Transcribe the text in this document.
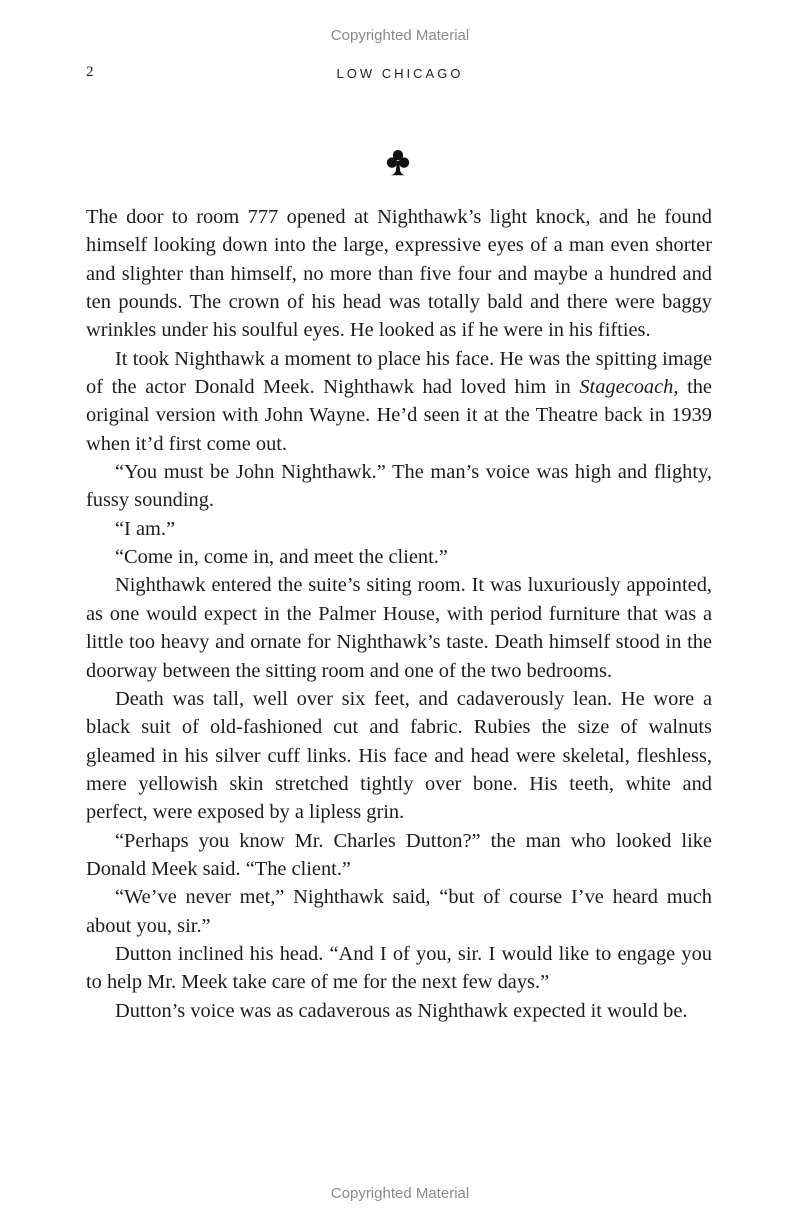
Copyrighted Material
2	LOW CHICAGO

The door to room 777 opened at Nighthawk’s light knock, and he found himself looking down into the large, expressive eyes of a man even shorter and slighter than himself, no more than five four and maybe a hundred and ten pounds. The crown of his head was totally bald and there were baggy wrinkles under his soulful eyes. He looked as if he were in his fifties.

It took Nighthawk a moment to place his face. He was the spitting image of the actor Donald Meek. Nighthawk had loved him in Stagecoach, the original version with John Wayne. He’d seen it at the Theatre back in 1939 when it’d first come out.

“You must be John Nighthawk.” The man’s voice was high and flighty, fussy sounding.

“I am.”

“Come in, come in, and meet the client.”

Nighthawk entered the suite’s siting room. It was luxuriously appointed, as one would expect in the Palmer House, with period furniture that was a little too heavy and ornate for Nighthawk’s taste. Death himself stood in the doorway between the sitting room and one of the two bedrooms.

Death was tall, well over six feet, and cadaverously lean. He wore a black suit of old-fashioned cut and fabric. Rubies the size of walnuts gleamed in his silver cuff links. His face and head were skeletal, fleshless, mere yellowish skin stretched tightly over bone. His teeth, white and perfect, were exposed by a lipless grin.

“Perhaps you know Mr. Charles Dutton?” the man who looked like Donald Meek said. “The client.”

“We’ve never met,” Nighthawk said, “but of course I’ve heard much about you, sir.”

Dutton inclined his head. “And I of you, sir. I would like to engage you to help Mr. Meek take care of me for the next few days.”

Dutton’s voice was as cadaverous as Nighthawk expected it would be.

Copyrighted Material
